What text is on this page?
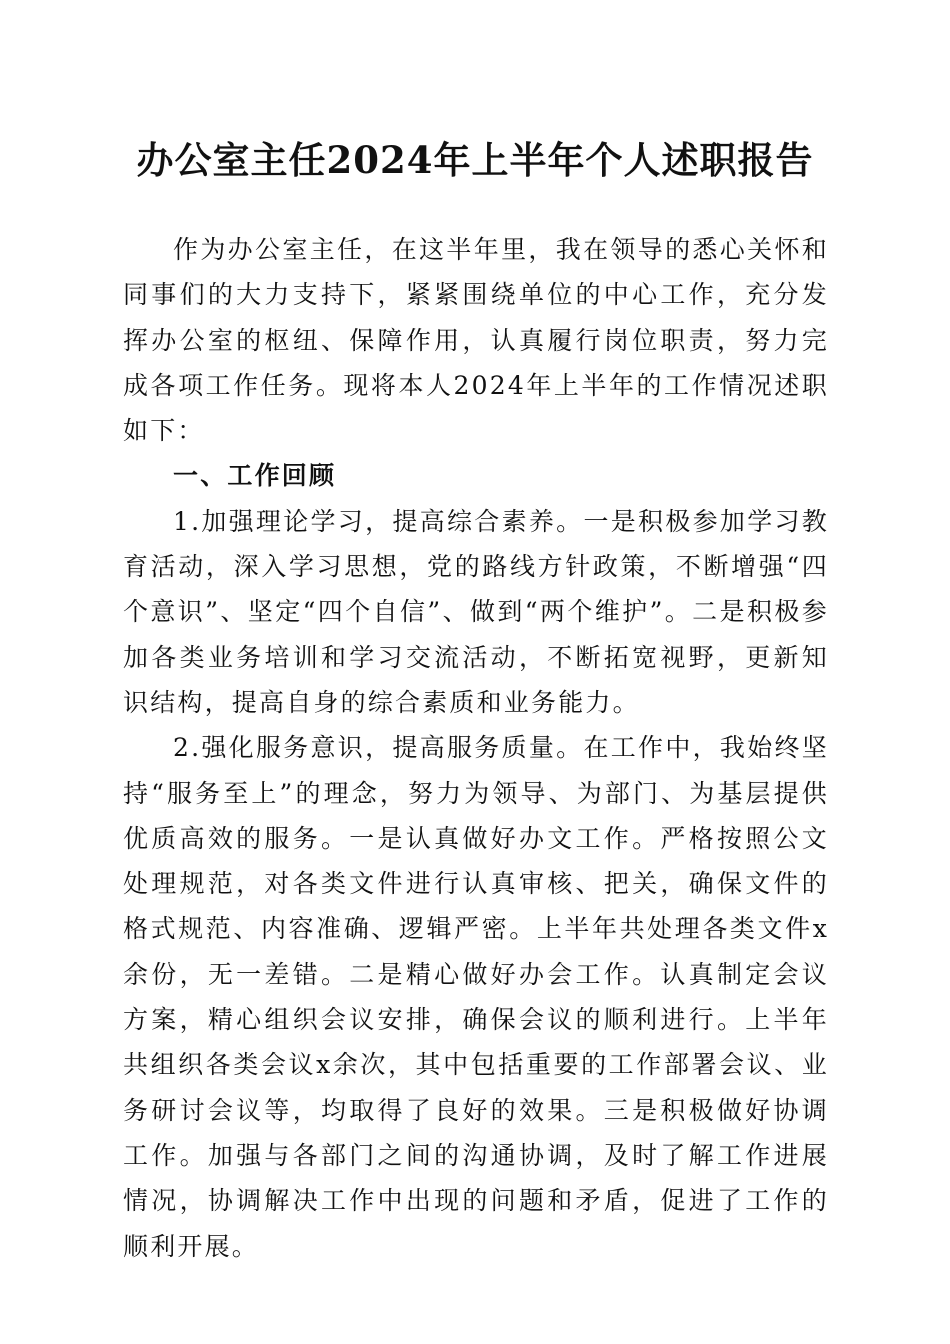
办公室主任2024年上半年个人述职报告

作为办公室主任，在这半年里，我在领导的悉心关怀和同事们的大力支持下，紧紧围绕单位的中心工作，充分发挥办公室的枢纽、保障作用，认真履行岗位职责，努力完成各项工作任务。现将本人2024年上半年的工作情况述职如下：

一、工作回顾

1.加强理论学习，提高综合素养。一是积极参加学习教育活动，深入学习思想，党的路线方针政策，不断增强“四个意识”、坚定“四个自信”、做到“两个维护”。二是积极参加各类业务培训和学习交流活动，不断拓宽视野，更新知识结构，提高自身的综合素质和业务能力。

2.强化服务意识，提高服务质量。在工作中，我始终坚持“服务至上”的理念，努力为领导、为部门、为基层提供优质高效的服务。一是认真做好办文工作。严格按照公文处理规范，对各类文件进行认真审核、把关，确保文件的格式规范、内容准确、逻辑严密。上半年共处理各类文件x余份，无一差错。二是精心做好办会工作。认真制定会议方案，精心组织会议安排，确保会议的顺利进行。上半年共组织各类会议x余次，其中包括重要的工作部署会议、业务研讨会议等，均取得了良好的效果。三是积极做好协调工作。加强与各部门之间的沟通协调，及时了解工作进展情况，协调解决工作中出现的问题和矛盾，促进了工作的顺利开展。
